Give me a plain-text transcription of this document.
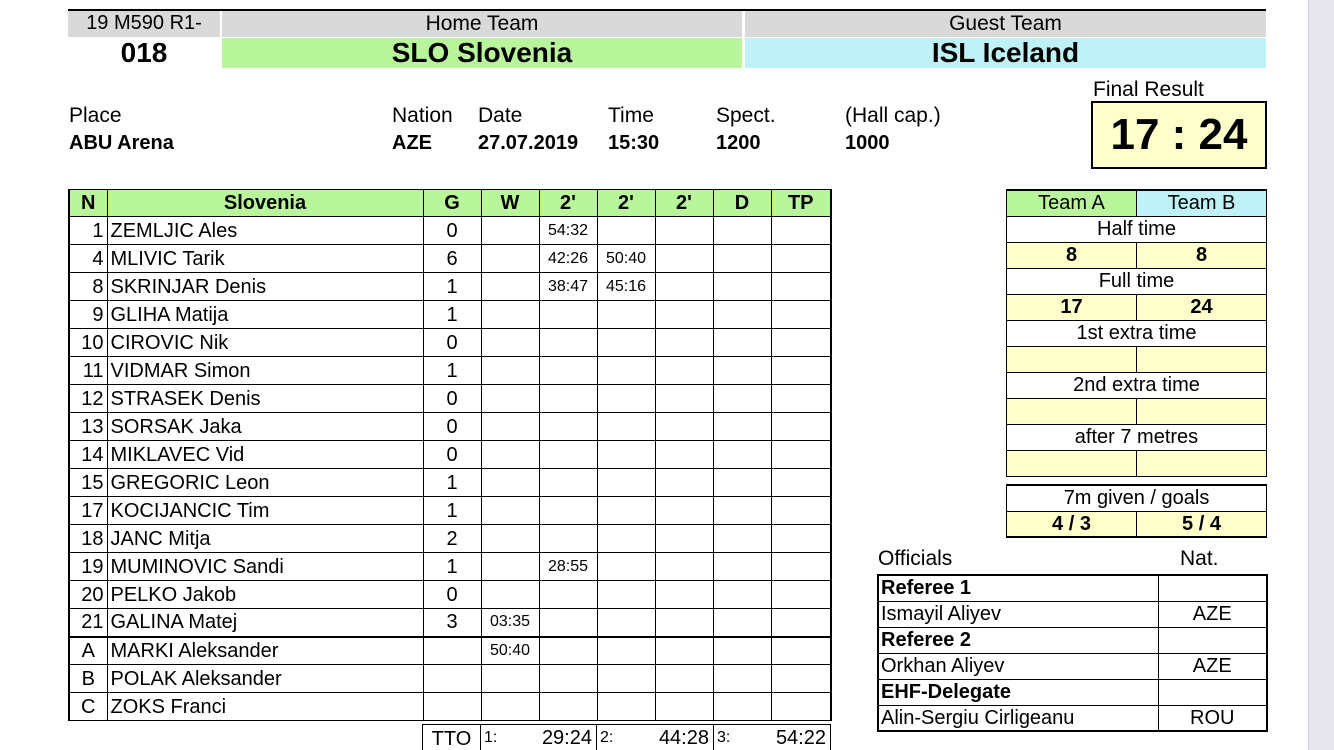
19 M590 R1-	Home Team	Guest Team
018	SLO Slovenia	ISL Iceland
Place
ABU Arena
Nation
AZE
Date
27.07.2019
Time
15:30
Spect.
1200
(Hall cap.)
1000
Final Result
17 : 24
N	Slovenia	G	W	2'	2'	2'	D	TP
1	ZEMLJIC Ales	0		54:32				
4	MLIVIC Tarik	6		42:26	50:40			
8	SKRINJAR Denis	1		38:47	45:16			
9	GLIHA Matija	1						
10	CIROVIC Nik	0						
11	VIDMAR Simon	1						
12	STRASEK Denis	0						
13	SORSAK Jaka	0						
14	MIKLAVEC Vid	0						
15	GREGORIC Leon	1						
17	KOCIJANCIC Tim	1						
18	JANC Mitja	2						
19	MUMINOVIC Sandi	1		28:55				
20	PELKO Jakob	0						
21	GALINA Matej	3	03:35					
A	MARKI Aleksander		50:40					
B	POLAK Aleksander							
C	ZOKS Franci							
TTO	1: 29:24	2: 44:28	3: 54:22
Team A	Team B
Half time	
8	8
Full time	
17	24
1st extra time	

2nd extra time	

after 7 metres	

7m given / goals
4 / 3	5 / 4
Officials	Nat.
Referee 1	
Ismayil Aliyev	AZE
Referee 2	
Orkhan Aliyev	AZE
EHF-Delegate	
Alin-Sergiu Cirligeanu	ROU
